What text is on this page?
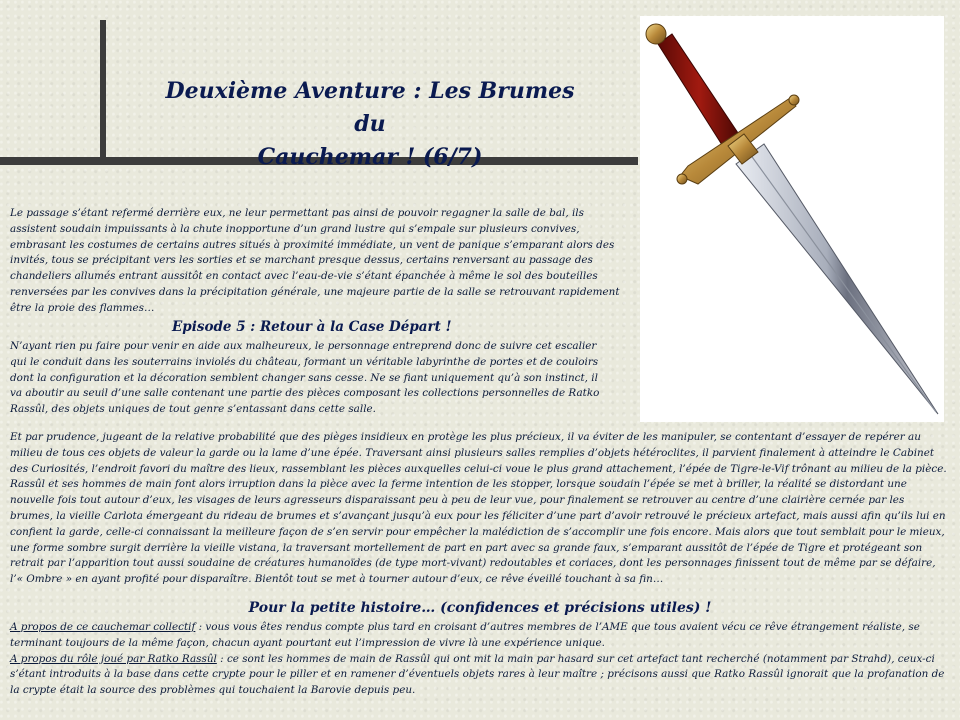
Deuxième Aventure : Les Brumes du
Cauchemar ! (6/7)

Le passage s’étant refermé derrière eux, ne leur permettant pas ainsi de pouvoir regagner la salle de bal, ils assistent soudain impuissants à la chute inopportune d’un grand lustre qui s’empale sur plusieurs convives, embrasant les costumes de certains autres situés à proximité immédiate, un vent de panique s’emparant alors des invités, tous se précipitant vers les sorties et se marchant presque dessus, certains renversant au passage des chandeliers allumés entrant aussitôt en contact avec l’eau-de-vie s’étant épanchée à même le sol des bouteilles renversées par les convives dans la précipitation générale, une majeure partie de la salle se retrouvant rapidement être la proie des flammes…

Episode 5 : Retour à la Case Départ !

N’ayant rien pu faire pour venir en aide aux malheureux, le personnage entreprend donc de suivre cet escalier qui le conduit dans les souterrains inviolés du château, formant un véritable labyrinthe de portes et de couloirs dont la configuration et la décoration semblent changer sans cesse. Ne se fiant uniquement qu’à son instinct, il va aboutir au seuil d’une salle contenant une partie des pièces composant les collections personnelles de Ratko Rassûl, des objets uniques de tout genre s’entassant dans cette salle.

Et par prudence, jugeant de la relative probabilité que des pièges insidieux en protège les plus précieux, il va éviter de les manipuler, se contentant d’essayer de repérer au milieu de tous ces objets de valeur la garde ou la lame d’une épée. Traversant ainsi plusieurs salles remplies d’objets hétéroclites, il parvient finalement à atteindre le Cabinet des Curiosités, l’endroit favori du maître des lieux, rassemblant les pièces auxquelles celui-ci voue le plus grand attachement, l’épée de Tigre-le-Vif trônant au milieu de la pièce. Rassûl et ses hommes de main font alors irruption dans la pièce avec la ferme intention de les stopper, lorsque soudain l’épée se met à briller, la réalité se distordant une nouvelle fois tout autour d’eux, les visages de leurs agresseurs disparaissant peu à peu de leur vue, pour finalement se retrouver au centre d’une clairière cernée par les brumes, la vieille Carlota émergeant du rideau de brumes et s’avançant jusqu’à eux pour les féliciter d’une part d’avoir retrouvé le précieux artefact, mais aussi afin qu’ils lui en confient la garde, celle-ci connaissant la meilleure façon de s’en servir pour empêcher la malédiction de s’accomplir une fois encore. Mais alors que tout semblait pour le mieux, une forme sombre surgit derrière la vieille vistana, la traversant mortellement de part en part avec sa grande faux, s’emparant aussitôt de l’épée de Tigre et protégeant son retrait par l’apparition tout aussi soudaine de créatures humanoïdes (de type mort-vivant) redoutables et coriaces, dont les personnages finissent tout de même par se défaire, l’« Ombre » en ayant profité pour disparaître. Bientôt tout se met à tourner autour d’eux, ce rêve éveillé touchant à sa fin…

Pour la petite histoire… (confidences et précisions utiles) !

A propos de ce cauchemar collectif : vous vous êtes rendus compte plus tard en croisant d’autres membres de l’AME que tous avaient vécu ce rêve étrangement réaliste, se terminant toujours de la même façon, chacun ayant pourtant eut l’impression de vivre là une expérience unique.

A propos du rôle joué par Ratko Rassûl : ce sont les hommes de main de Rassûl qui ont mit la main par hasard sur cet artefact tant recherché (notamment par Strahd), ceux-ci s’étant introduits à la base dans cette crypte pour le piller et en ramener d’éventuels objets rares à leur maître ; précisons aussi que Ratko Rassûl ignorait que la profanation de la crypte était la source des problèmes qui touchaient la Barovie depuis peu.
